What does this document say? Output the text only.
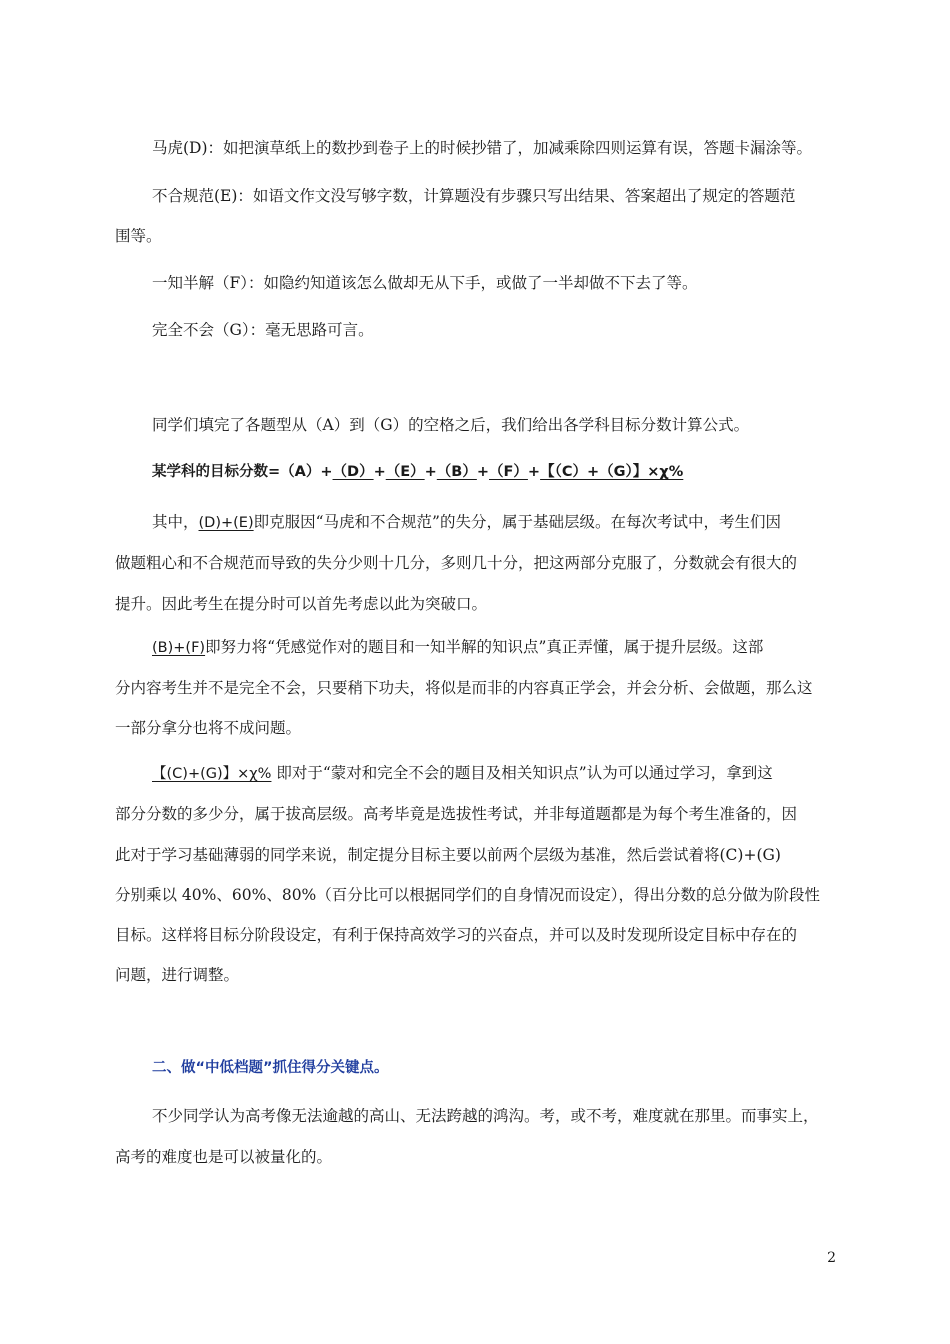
马虎(D)：如把演草纸上的数抄到卷子上的时候抄错了，加减乘除四则运算有误，答题卡漏涂等。
不合规范(E)：如语文作文没写够字数，计算题没有步骤只写出结果、答案超出了规定的答题范
围等。
一知半解（F）：如隐约知道该怎么做却无从下手，或做了一半却做不下去了等。
完全不会（G）：毫无思路可言。
同学们填完了各题型从（A）到（G）的空格之后，我们给出各学科目标分数计算公式。
某学科的目标分数=（A）+（D）+（E）+（B）+（F）+【（C）+（G）】×χ%
其中，(D)+(E)即克服因“马虎和不合规范”的失分，属于基础层级。在每次考试中，考生们因
做题粗心和不合规范而导致的失分少则十几分，多则几十分，把这两部分克服了，分数就会有很大的
提升。因此考生在提分时可以首先考虑以此为突破口。
(B)+(F)即努力将“凭感觉作对的题目和一知半解的知识点”真正弄懂，属于提升层级。这部
分内容考生并不是完全不会，只要稍下功夫，将似是而非的内容真正学会，并会分析、会做题，那么这
一部分拿分也将不成问题。
【(C)+(G)】×χ% 即对于“蒙对和完全不会的题目及相关知识点”认为可以通过学习，拿到这
部分分数的多少分，属于拔高层级。高考毕竟是选拔性考试，并非每道题都是为每个考生准备的，因
此对于学习基础薄弱的同学来说，制定提分目标主要以前两个层级为基准，然后尝试着将(C)+(G)
分别乘以 40%、60%、80%（百分比可以根据同学们的自身情况而设定），得出分数的总分做为阶段性
目标。这样将目标分阶段设定，有利于保持高效学习的兴奋点，并可以及时发现所设定目标中存在的
问题，进行调整。
二、做“中低档题”抓住得分关键点。
不少同学认为高考像无法逾越的高山、无法跨越的鸿沟。考，或不考，难度就在那里。而事实上，
高考的难度也是可以被量化的。
2
